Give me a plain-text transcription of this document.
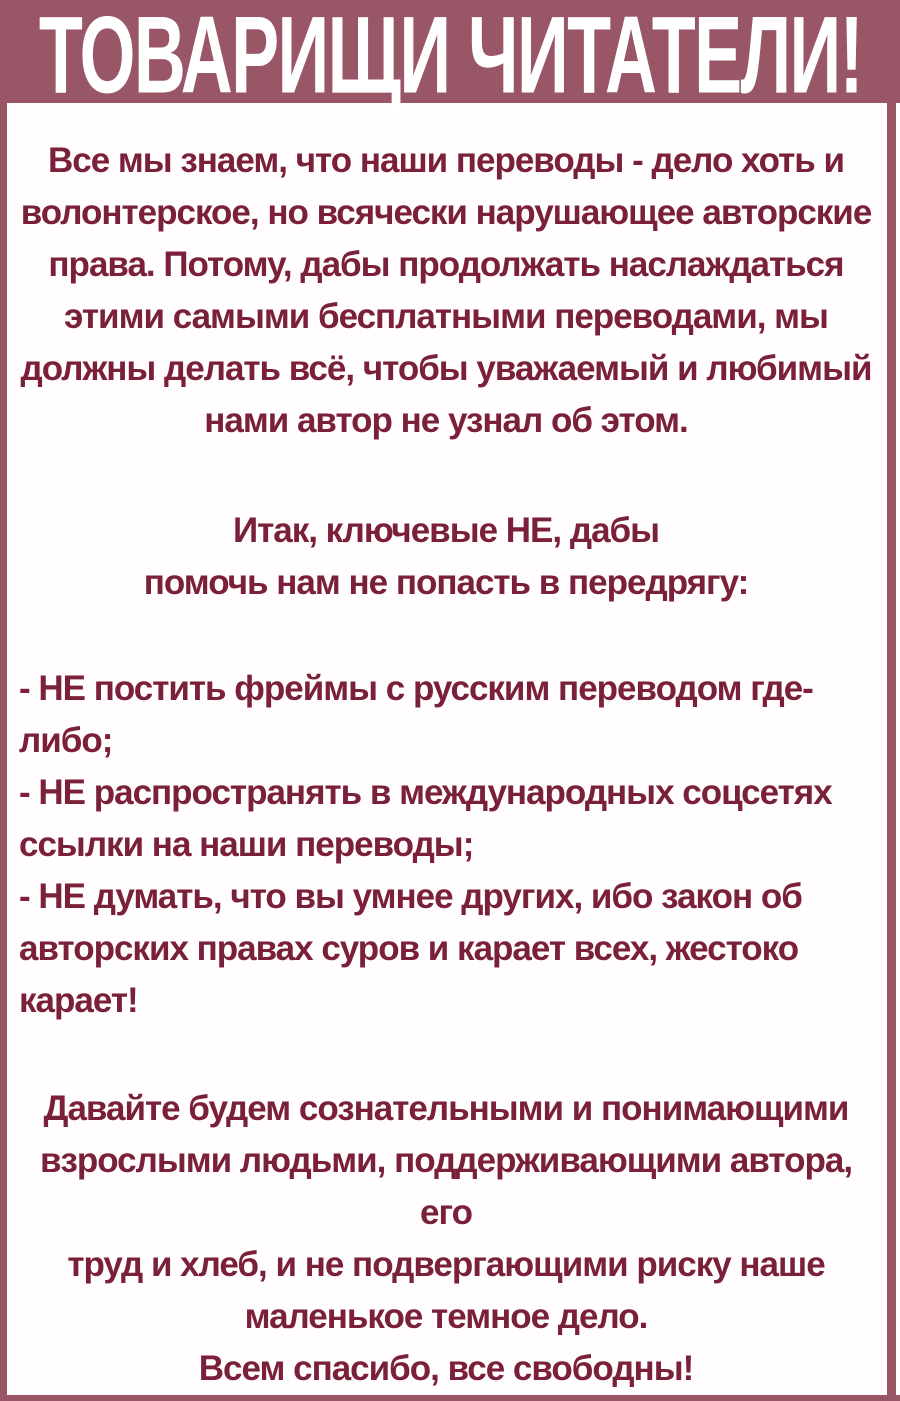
ТОВАРИЩИ ЧИТАТЕЛИ!
Все мы знаем, что наши переводы - дело хоть и
волонтерское, но всячески нарушающее авторские
права. Потому, дабы продолжать наслаждаться
этими самыми бесплатными переводами, мы
должны делать всё, чтобы уважаемый и любимый
нами автор не узнал об этом.
Итак, ключевые НЕ, дабы
помочь нам не попасть в передрягу:
- НЕ постить фреймы с русским переводом где-либо;
- НЕ распространять в международных соцсетях
ссылки на наши переводы;
- НЕ думать, что вы умнее других, ибо закон об
авторских правах суров и карает всех, жестоко
карает!
Давайте будем сознательными и понимающими
взрослыми людьми, поддерживающими автора, его
труд и хлеб, и не подвергающими риску наше
маленькое темное дело.
Всем спасибо, все свободны!
